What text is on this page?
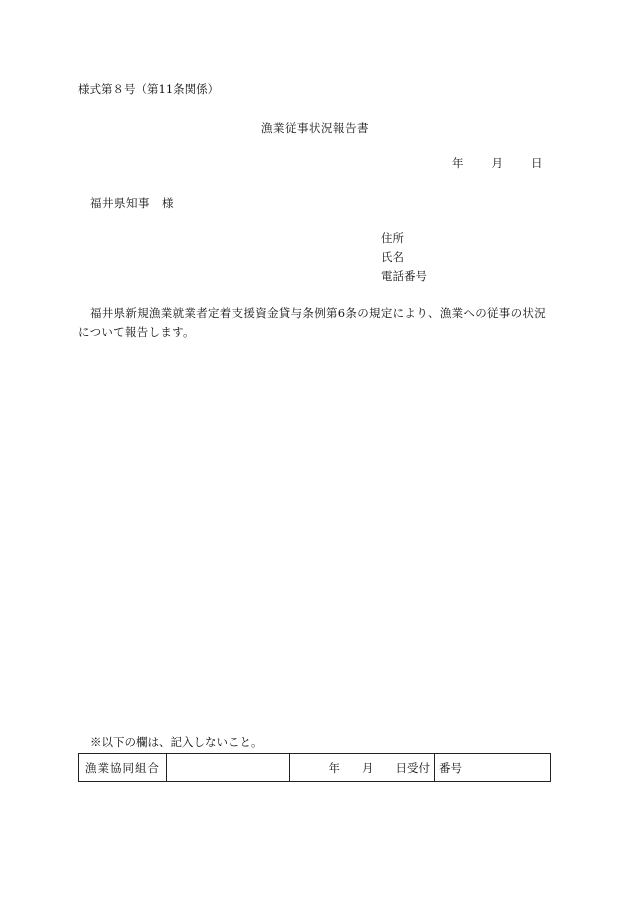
様式第８号（第11条関係）
漁業従事状況報告書
年 月 日
福井県知事 様
住所
氏名
電話番号
福井県新規漁業就業者定着支援資金貸与条例第6条の規定により、漁業への従事の状況について報告します。
※以下の欄は、記入しないこと。
漁業協同組合	年 月 日受付 番号
